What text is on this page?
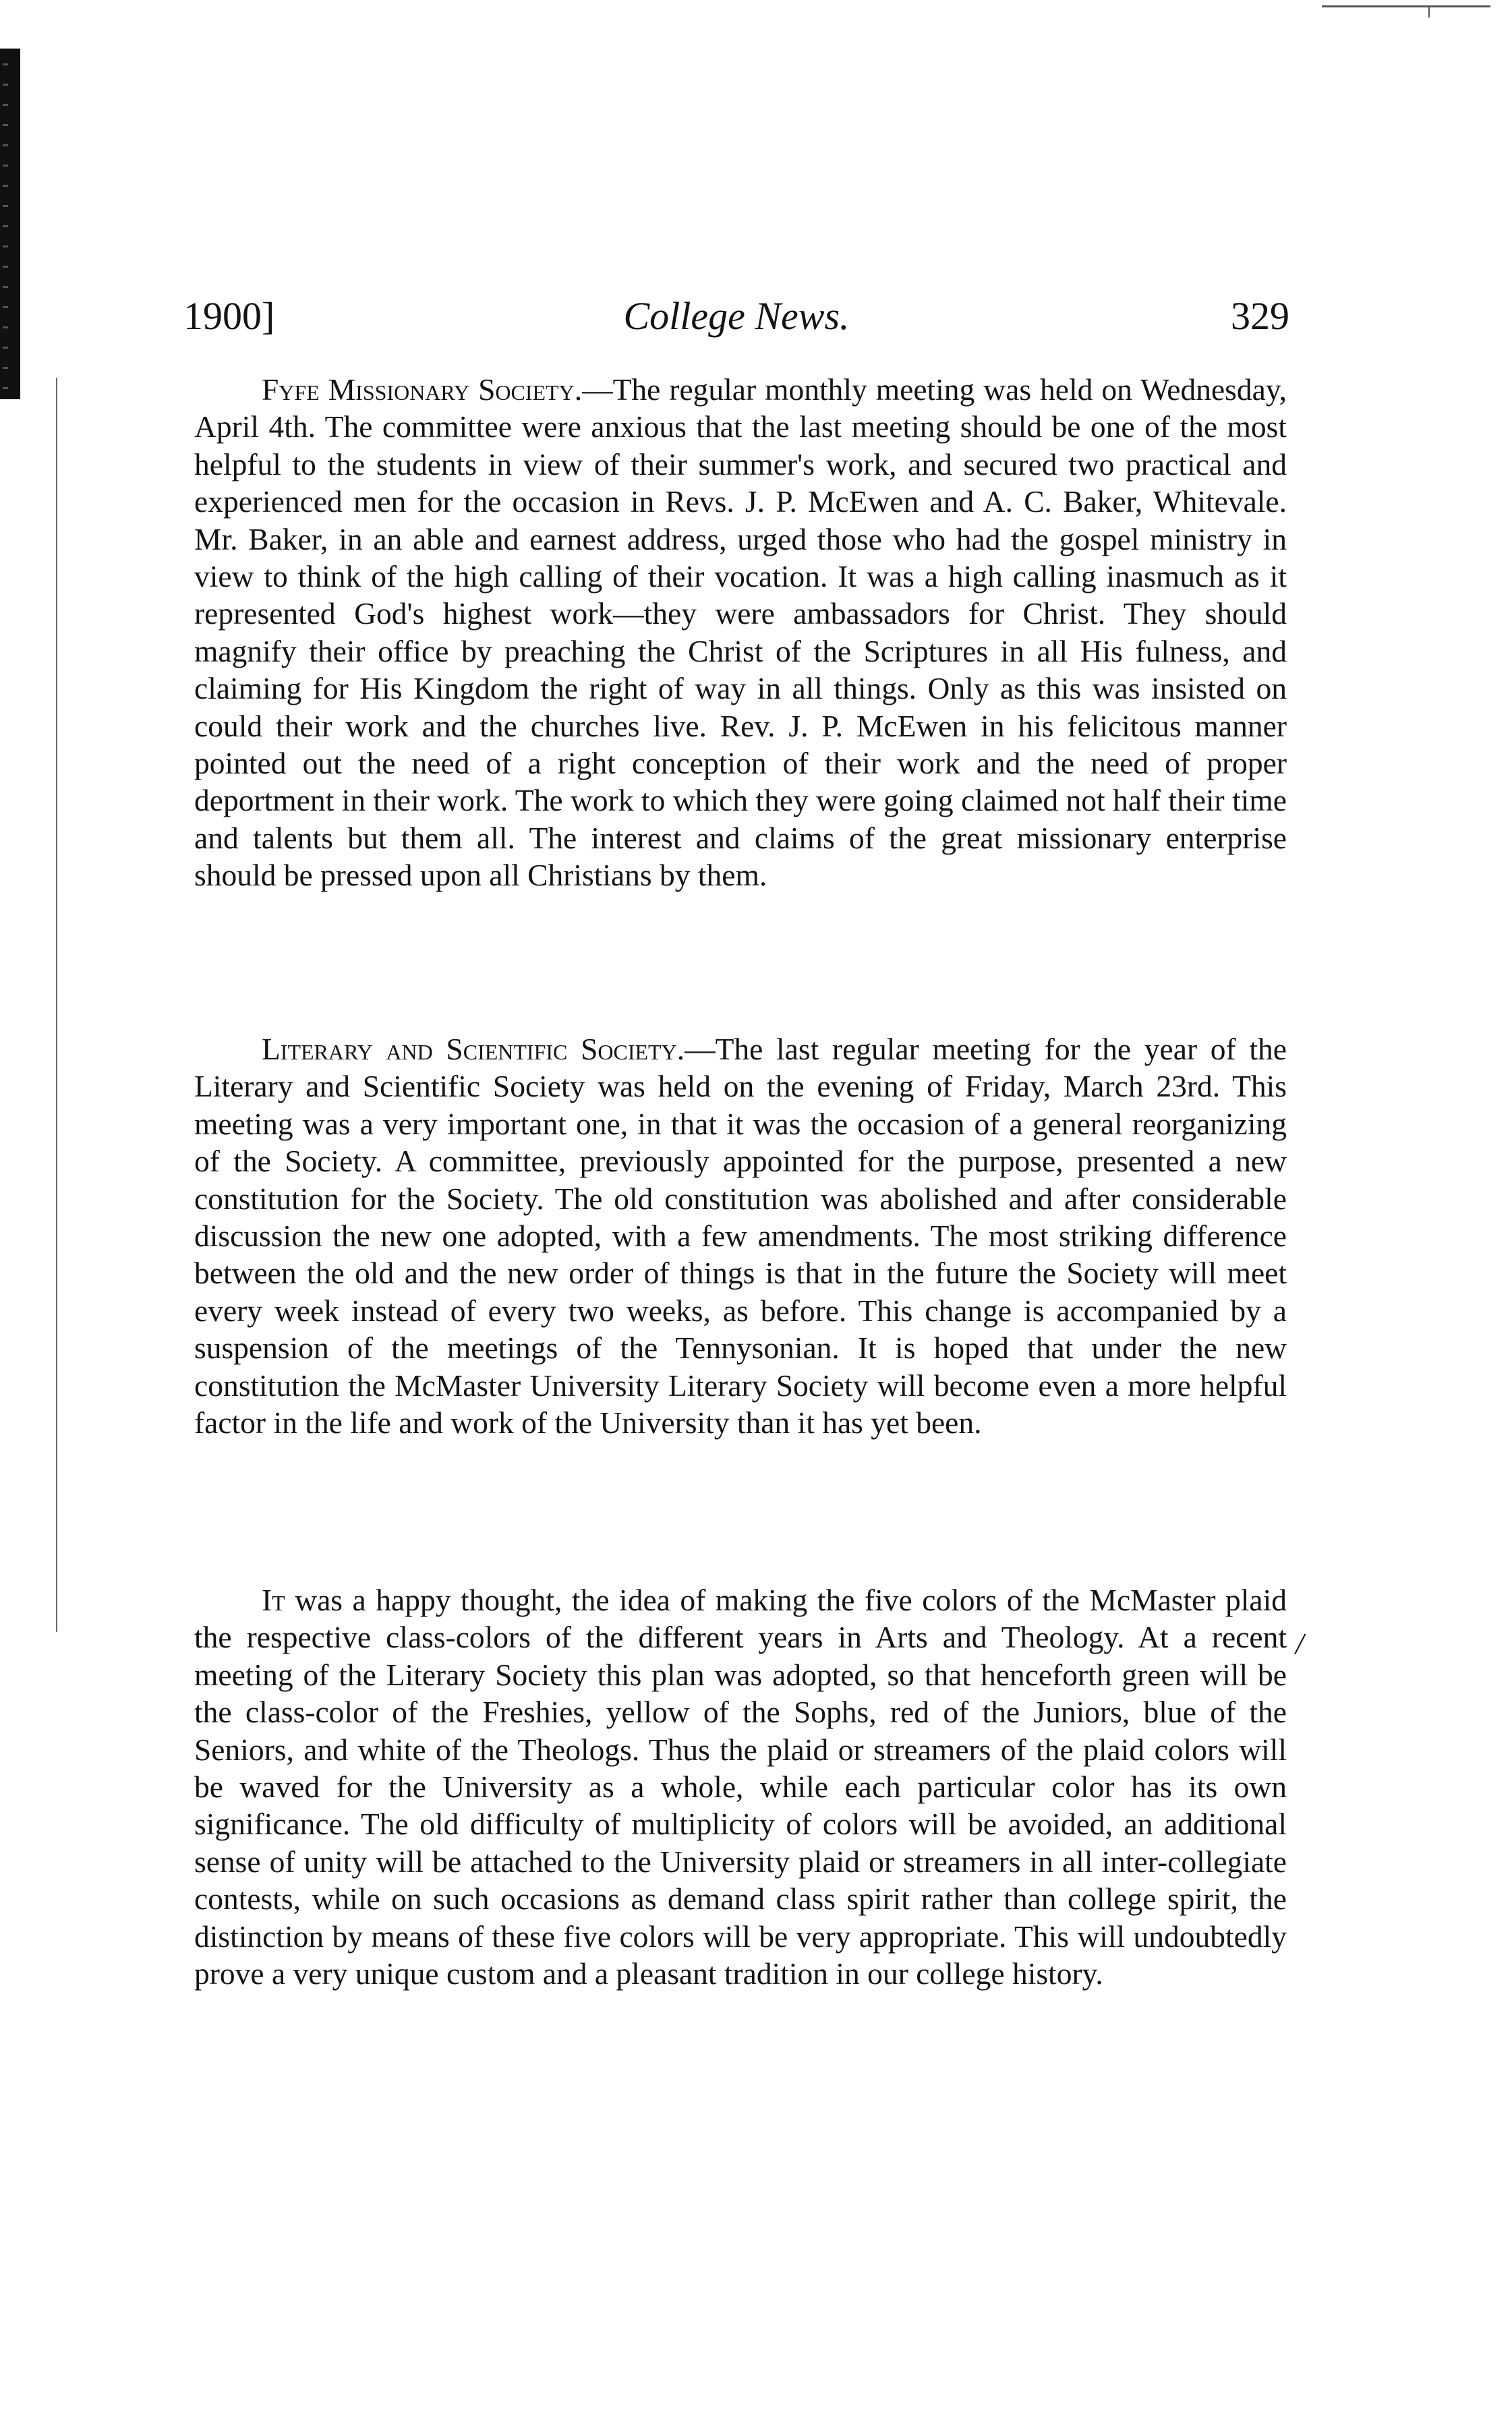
1900]	College News.	329

Fyfe Missionary Society.—The regular monthly meeting was held on Wednesday, April 4th. The committee were anxious that the last meeting should be one of the most helpful to the students in view of their summer's work, and secured two practical and experienced men for the occasion in Revs. J. P. McEwen and A. C. Baker, Whitevale. Mr. Baker, in an able and earnest address, urged those who had the gospel ministry in view to think of the high calling of their vocation. It was a high calling inasmuch as it represented God's highest work—they were ambassadors for Christ. They should magnify their office by preaching the Christ of the Scriptures in all His fulness, and claiming for His Kingdom the right of way in all things. Only as this was insisted on could their work and the churches live. Rev. J. P. McEwen in his felicitous manner pointed out the need of a right conception of their work and the need of proper deportment in their work. The work to which they were going claimed not half their time and talents but them all. The interest and claims of the great missionary enterprise should be pressed upon all Christians by them.

Literary and Scientific Society.—The last regular meeting for the year of the Literary and Scientific Society was held on the evening of Friday, March 23rd. This meeting was a very important one, in that it was the occasion of a general reorganizing of the Society. A committee, previously appointed for the purpose, presented a new constitution for the Society. The old constitution was abolished and after considerable discussion the new one adopted, with a few amendments. The most striking difference between the old and the new order of things is that in the future the Society will meet every week instead of every two weeks, as before. This change is accompanied by a suspension of the meetings of the Tennysonian. It is hoped that under the new constitution the McMaster University Literary Society will become even a more helpful factor in the life and work of the University than it has yet been.

It was a happy thought, the idea of making the five colors of the McMaster plaid the respective class-colors of the different years in Arts and Theology. At a recent meeting of the Literary Society this plan was adopted, so that henceforth green will be the class-color of the Freshies, yellow of the Sophs, red of the Juniors, blue of the Seniors, and white of the Theologs. Thus the plaid or streamers of the plaid colors will be waved for the University as a whole, while each particular color has its own significance. The old difficulty of multiplicity of colors will be avoided, an additional sense of unity will be attached to the University plaid or streamers in all inter-collegiate contests, while on such occasions as demand class spirit rather than college spirit, the distinction by means of these five colors will be very appropriate. This will undoubtedly prove a very unique custom and a pleasant tradition in our college history.

/
